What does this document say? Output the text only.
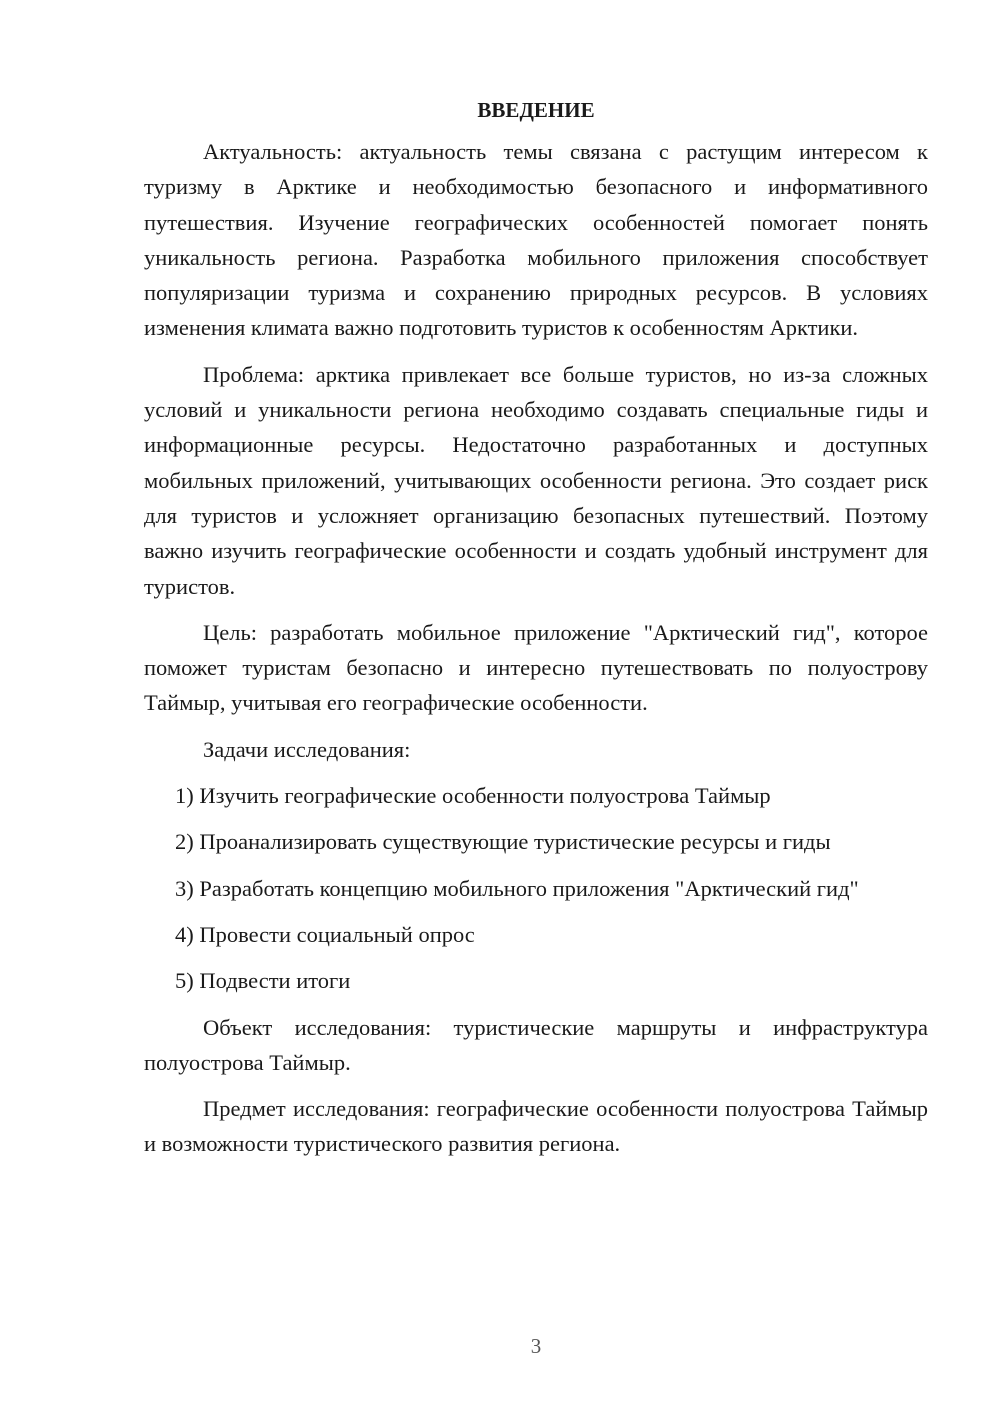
ВВЕДЕНИЕ

Актуальность: актуальность темы связана с растущим интересом к туризму в Арктике и необходимостью безопасного и информативного путешествия. Изучение географических особенностей помогает понять уникальность региона. Разработка мобильного приложения способствует популяризации туризма и сохранению природных ресурсов. В условиях изменения климата важно подготовить туристов к особенностям Арктики.

Проблема: арктика привлекает все больше туристов, но из-за сложных условий и уникальности региона необходимо создавать специальные гиды и информационные ресурсы. Недостаточно разработанных и доступных мобильных приложений, учитывающих особенности региона. Это создает риск для туристов и усложняет организацию безопасных путешествий. Поэтому важно изучить географические особенности и создать удобный инструмент для туристов.

Цель: разработать мобильное приложение "Арктический гид", которое поможет туристам безопасно и интересно путешествовать по полуострову Таймыр, учитывая его географические особенности.

Задачи исследования:

1) Изучить географические особенности полуострова Таймыр

2) Проанализировать существующие туристические ресурсы и гиды

3) Разработать концепцию мобильного приложения "Арктический гид"

4) Провести социальный опрос

5) Подвести итоги

Объект исследования: туристические маршруты и инфраструктура полуострова Таймыр.

Предмет исследования: географические особенности полуострова Таймыр и возможности туристического развития региона.

3
